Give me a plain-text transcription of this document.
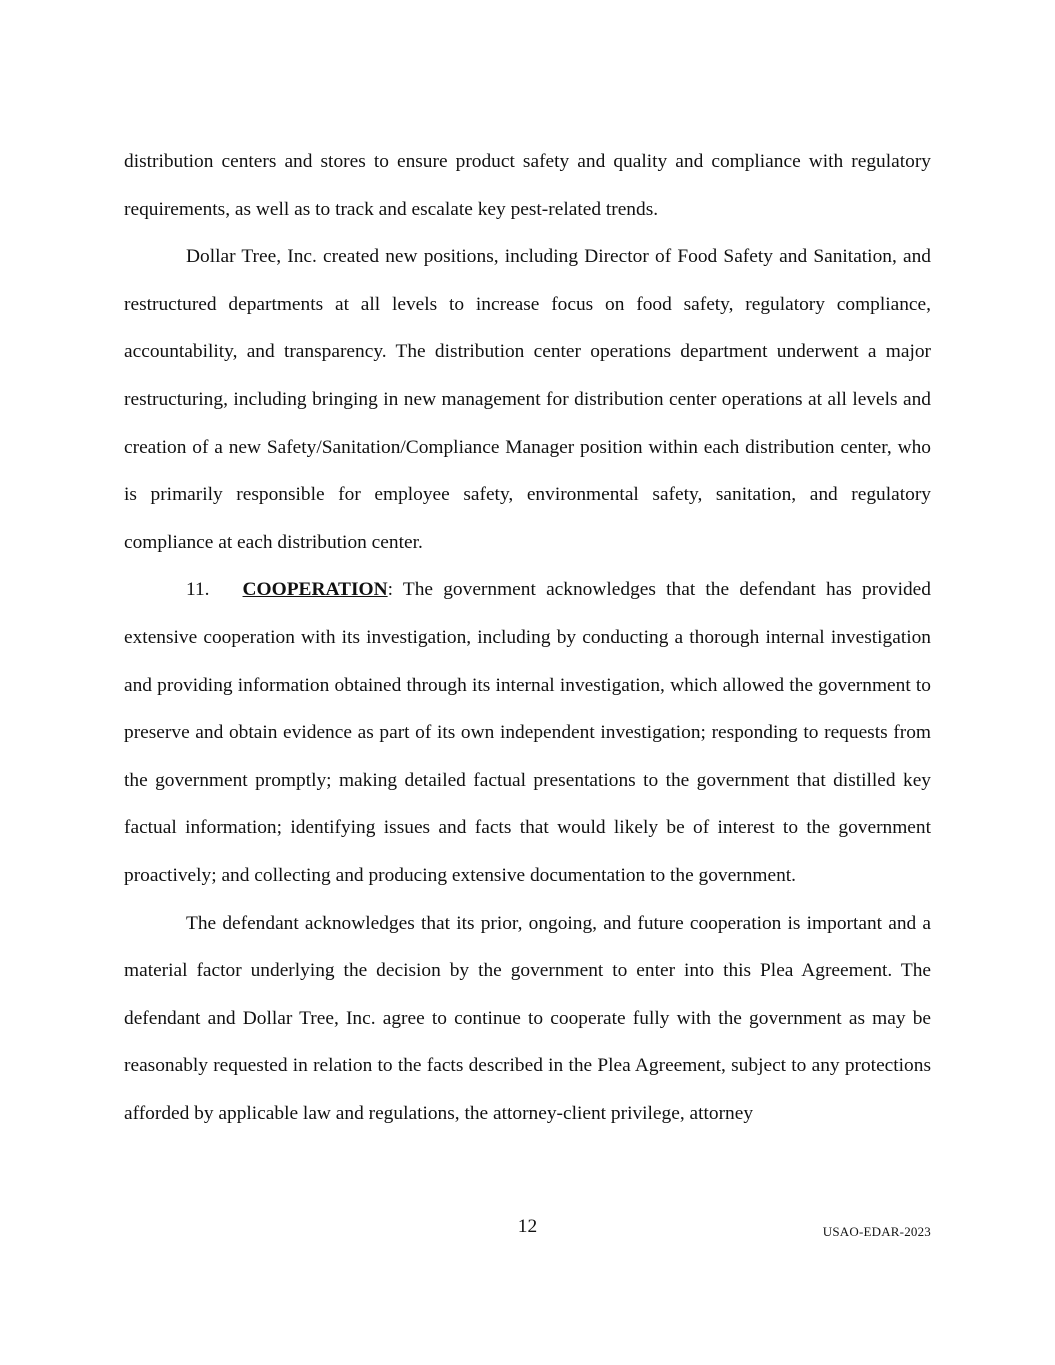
distribution centers and stores to ensure product safety and quality and compliance with regulatory requirements, as well as to track and escalate key pest-related trends.

Dollar Tree, Inc. created new positions, including Director of Food Safety and Sanitation, and restructured departments at all levels to increase focus on food safety, regulatory compliance, accountability, and transparency. The distribution center operations department underwent a major restructuring, including bringing in new management for distribution center operations at all levels and creation of a new Safety/Sanitation/Compliance Manager position within each distribution center, who is primarily responsible for employee safety, environmental safety, sanitation, and regulatory compliance at each distribution center.

11. COOPERATION: The government acknowledges that the defendant has provided extensive cooperation with its investigation, including by conducting a thorough internal investigation and providing information obtained through its internal investigation, which allowed the government to preserve and obtain evidence as part of its own independent investigation; responding to requests from the government promptly; making detailed factual presentations to the government that distilled key factual information; identifying issues and facts that would likely be of interest to the government proactively; and collecting and producing extensive documentation to the government.

The defendant acknowledges that its prior, ongoing, and future cooperation is important and a material factor underlying the decision by the government to enter into this Plea Agreement. The defendant and Dollar Tree, Inc. agree to continue to cooperate fully with the government as may be reasonably requested in relation to the facts described in the Plea Agreement, subject to any protections afforded by applicable law and regulations, the attorney-client privilege, attorney

12	USAO-EDAR-2023
